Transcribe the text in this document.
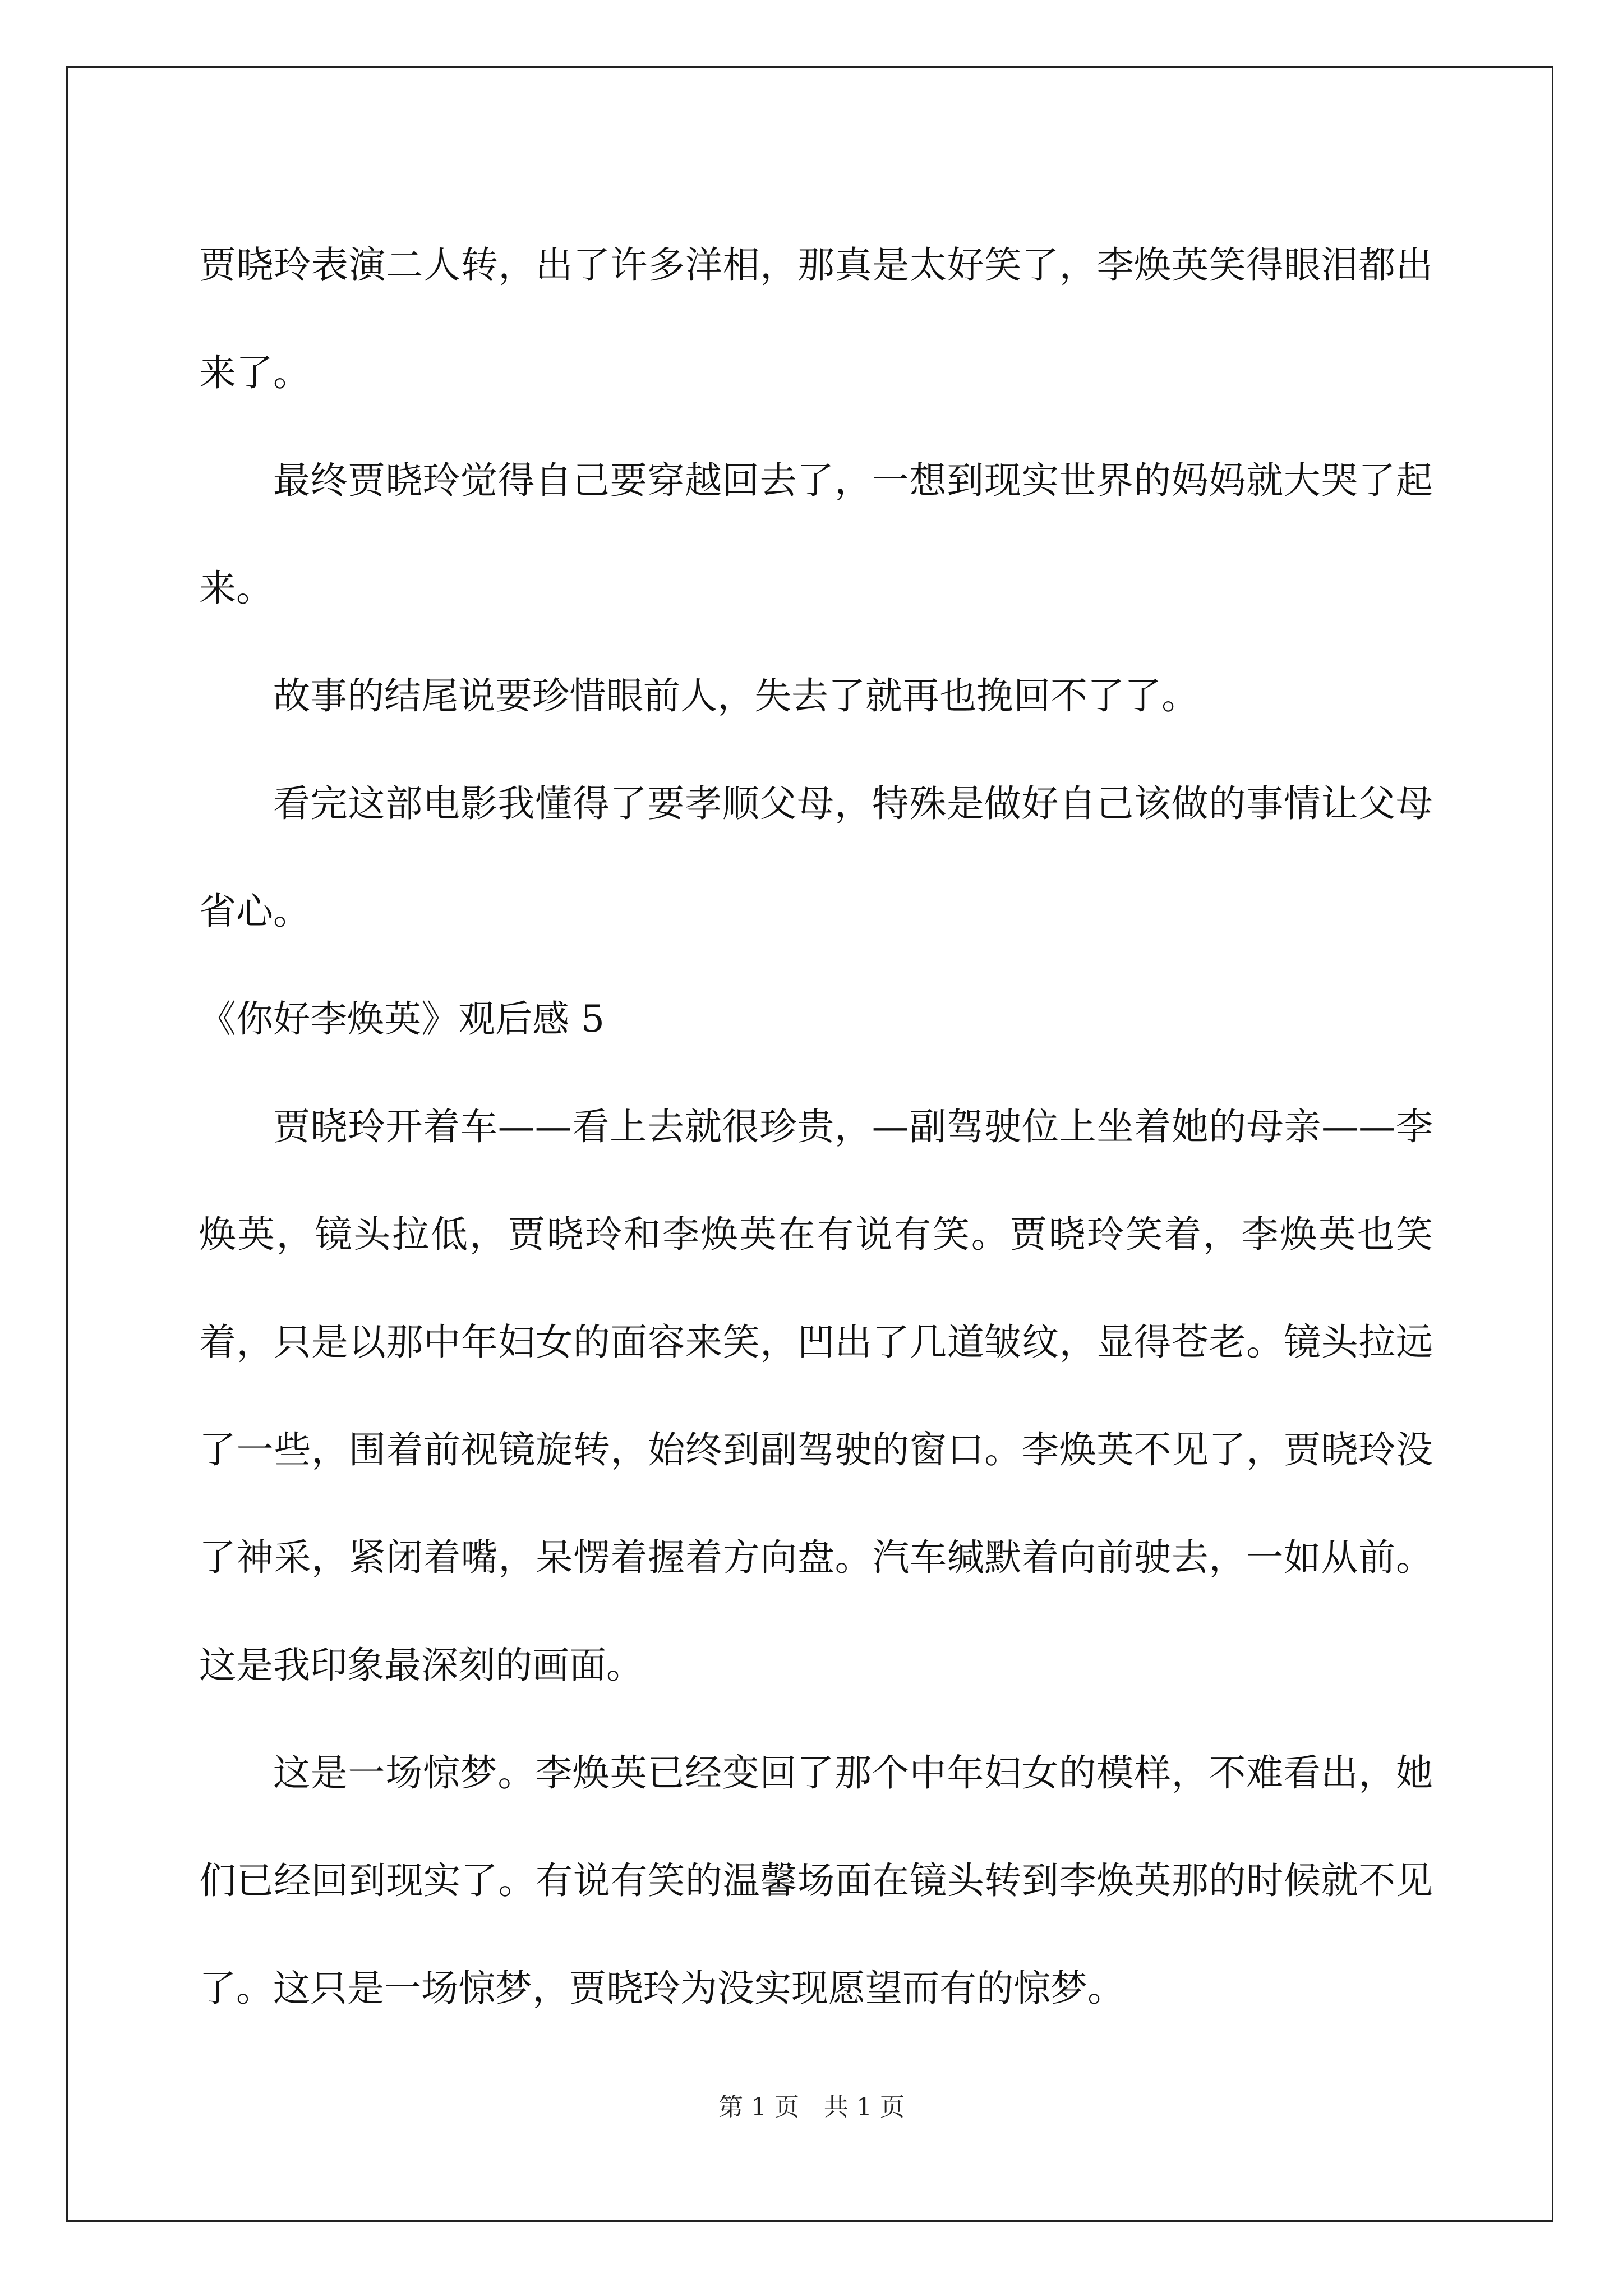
贾晓玲表演二人转，出了许多洋相，那真是太好笑了，李焕英笑得眼泪都出来了。

最终贾晓玲觉得自己要穿越回去了，一想到现实世界的妈妈就大哭了起来。

故事的结尾说要珍惜眼前人，失去了就再也挽回不了了。

看完这部电影我懂得了要孝顺父母，特殊是做好自己该做的事情让父母省心。

《你好李焕英》观后感 5

贾晓玲开着车——看上去就很珍贵，—副驾驶位上坐着她的母亲——李焕英，镜头拉低，贾晓玲和李焕英在有说有笑。贾晓玲笑着，李焕英也笑着，只是以那中年妇女的面容来笑，凹出了几道皱纹，显得苍老。镜头拉远了一些，围着前视镜旋转，始终到副驾驶的窗口。李焕英不见了，贾晓玲没了神采，紧闭着嘴，呆愣着握着方向盘。汽车缄默着向前驶去，一如从前。这是我印象最深刻的画面。

这是一场惊梦。李焕英已经变回了那个中年妇女的模样，不难看出，她们已经回到现实了。有说有笑的温馨场面在镜头转到李焕英那的时候就不见了。这只是一场惊梦，贾晓玲为没实现愿望而有的惊梦。

第 1 页　共 1 页
